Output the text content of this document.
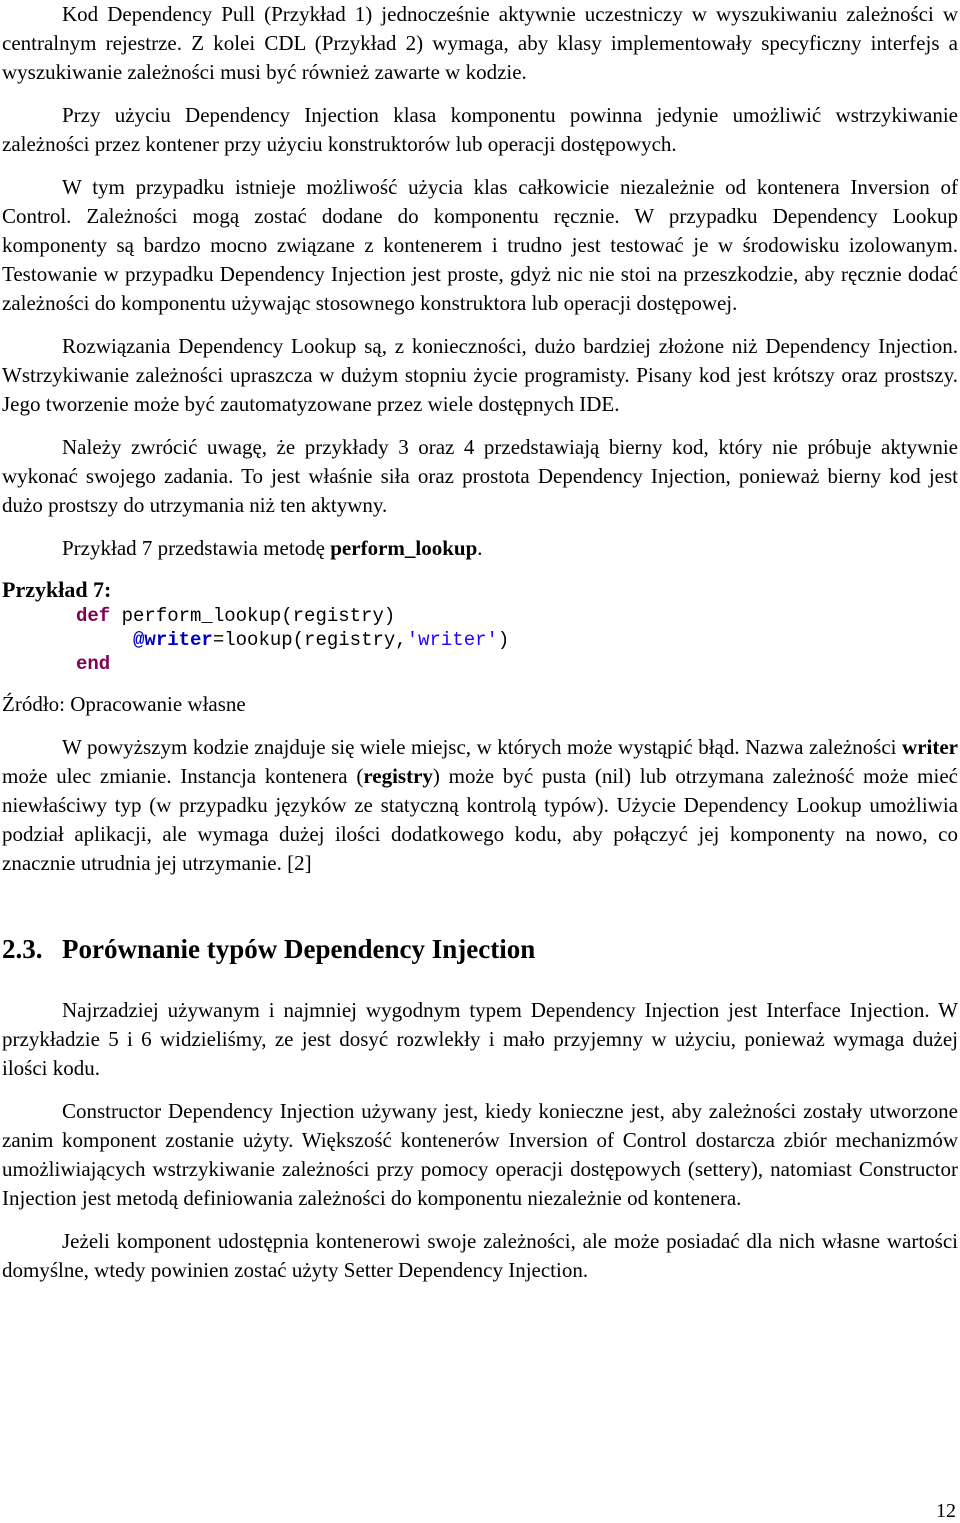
Kod Dependency Pull (Przykład 1) jednocześnie aktywnie uczestniczy w wyszukiwaniu zależności w centralnym rejestrze. Z kolei CDL (Przykład 2) wymaga, aby klasy implementowały specyficzny interfejs a wyszukiwanie zależności musi być również zawarte w kodzie.

Przy użyciu Dependency Injection klasa komponentu powinna jedynie umożliwić wstrzykiwanie zależności przez kontener przy użyciu konstruktorów lub operacji dostępowych.

W tym przypadku istnieje możliwość użycia klas całkowicie niezależnie od kontenera Inversion of Control. Zależności mogą zostać dodane do komponentu ręcznie. W przypadku Dependency Lookup komponenty są bardzo mocno związane z kontenerem i trudno jest testować je w środowisku izolowanym. Testowanie w przypadku Dependency Injection jest proste, gdyż nic nie stoi na przeszkodzie, aby ręcznie dodać zależności do komponentu używając stosownego konstruktora lub operacji dostępowej.

Rozwiązania Dependency Lookup są, z konieczności, dużo bardziej złożone niż Dependency Injection. Wstrzykiwanie zależności upraszcza w dużym stopniu życie programisty. Pisany kod jest krótszy oraz prostszy. Jego tworzenie może być zautomatyzowane przez wiele dostępnych IDE.

Należy zwrócić uwagę, że przykłady 3 oraz 4 przedstawiają bierny kod, który nie próbuje aktywnie wykonać swojego zadania. To jest właśnie siła oraz prostota Dependency Injection, ponieważ bierny kod jest dużo prostszy do utrzymania niż ten aktywny.

Przykład 7 przedstawia metodę perform_lookup.

Przykład 7:
def perform_lookup(registry)
@writer=lookup(registry,'writer')
end
Źródło: Opracowanie własne

W powyższym kodzie znajduje się wiele miejsc, w których może wystąpić błąd. Nazwa zależności writer może ulec zmianie. Instancja kontenera (registry) może być pusta (nil) lub otrzymana zależność może mieć niewłaściwy typ (w przypadku języków ze statyczną kontrolą typów). Użycie Dependency Lookup umożliwia podział aplikacji, ale wymaga dużej ilości dodatkowego kodu, aby połączyć jej komponenty na nowo, co znacznie utrudnia jej utrzymanie. [2]

2.3. Porównanie typów Dependency Injection

Najrzadziej używanym i najmniej wygodnym typem Dependency Injection jest Interface Injection. W przykładzie 5 i 6 widzieliśmy, ze jest dosyć rozwlekły i mało przyjemny w użyciu, ponieważ wymaga dużej ilości kodu.

Constructor Dependency Injection używany jest, kiedy konieczne jest, aby zależności zostały utworzone zanim komponent zostanie użyty. Większość kontenerów Inversion of Control dostarcza zbiór mechanizmów umożliwiających wstrzykiwanie zależności przy pomocy operacji dostępowych (settery), natomiast Constructor Injection jest metodą definiowania zależności do komponentu niezależnie od kontenera.

Jeżeli komponent udostępnia kontenerowi swoje zależności, ale może posiadać dla nich własne wartości domyślne, wtedy powinien zostać użyty Setter Dependency Injection.

12
